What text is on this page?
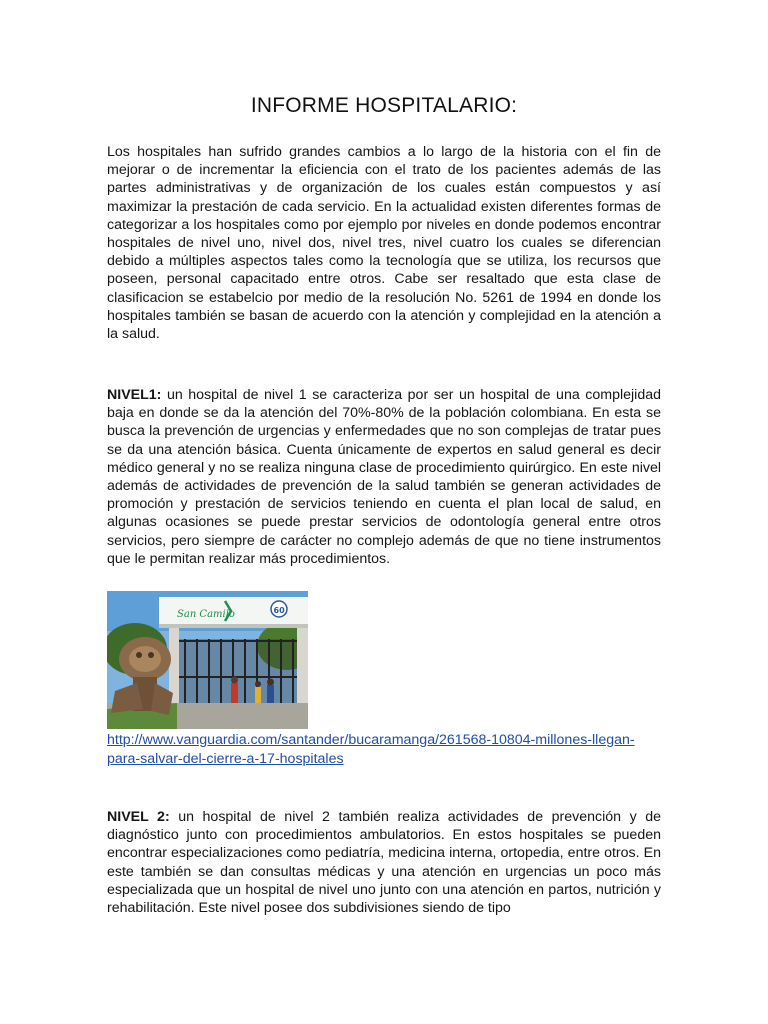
INFORME HOSPITALARIO:
Los hospitales han sufrido grandes cambios a lo largo de la historia con el fin de mejorar o de incrementar la eficiencia con el trato de los pacientes además de las partes administrativas y de organización de los cuales están compuestos y así maximizar la prestación de cada servicio. En la actualidad existen diferentes formas de categorizar a los hospitales como por ejemplo por niveles en donde podemos encontrar hospitales de nivel uno, nivel dos, nivel tres, nivel cuatro los cuales se diferencian debido a múltiples aspectos tales como la tecnología que se utiliza, los recursos que poseen, personal capacitado entre otros. Cabe ser resaltado que esta clase de clasificacion se estabelcio por medio de la resolución No. 5261 de 1994 en donde los hospitales también se basan de acuerdo con la atención y complejidad en la atención a la salud.
NIVEL1: un hospital de nivel 1 se caracteriza por ser un hospital de una complejidad baja en donde se da la atención del 70%-80% de la población colombiana. En esta se busca la prevención de urgencias y enfermedades que no son complejas de tratar pues se da una atención básica. Cuenta únicamente de expertos en salud general es decir médico general y no se realiza ninguna clase de procedimiento quirúrgico. En este nivel además de actividades de prevención de la salud también se generan actividades de promoción y prestación de servicios teniendo en cuenta el plan local de salud, en algunas ocasiones se puede prestar servicios de odontología general entre otros servicios, pero siempre de carácter no complejo además de que no tiene instrumentos que le permitan realizar más procedimientos.
San Camilo	60
http://www.vanguardia.com/santander/bucaramanga/261568-10804-millones-llegan-para-salvar-del-cierre-a-17-hospitales
NIVEL 2: un hospital de nivel 2 también realiza actividades de prevención y de diagnóstico junto con procedimientos ambulatorios. En estos hospitales se pueden encontrar especializaciones como pediatría, medicina interna, ortopedia, entre otros. En este también se dan consultas médicas y una atención en urgencias un poco más especializada que un hospital de nivel uno junto con una atención en partos, nutrición y rehabilitación. Este nivel posee dos subdivisiones siendo de tipo
